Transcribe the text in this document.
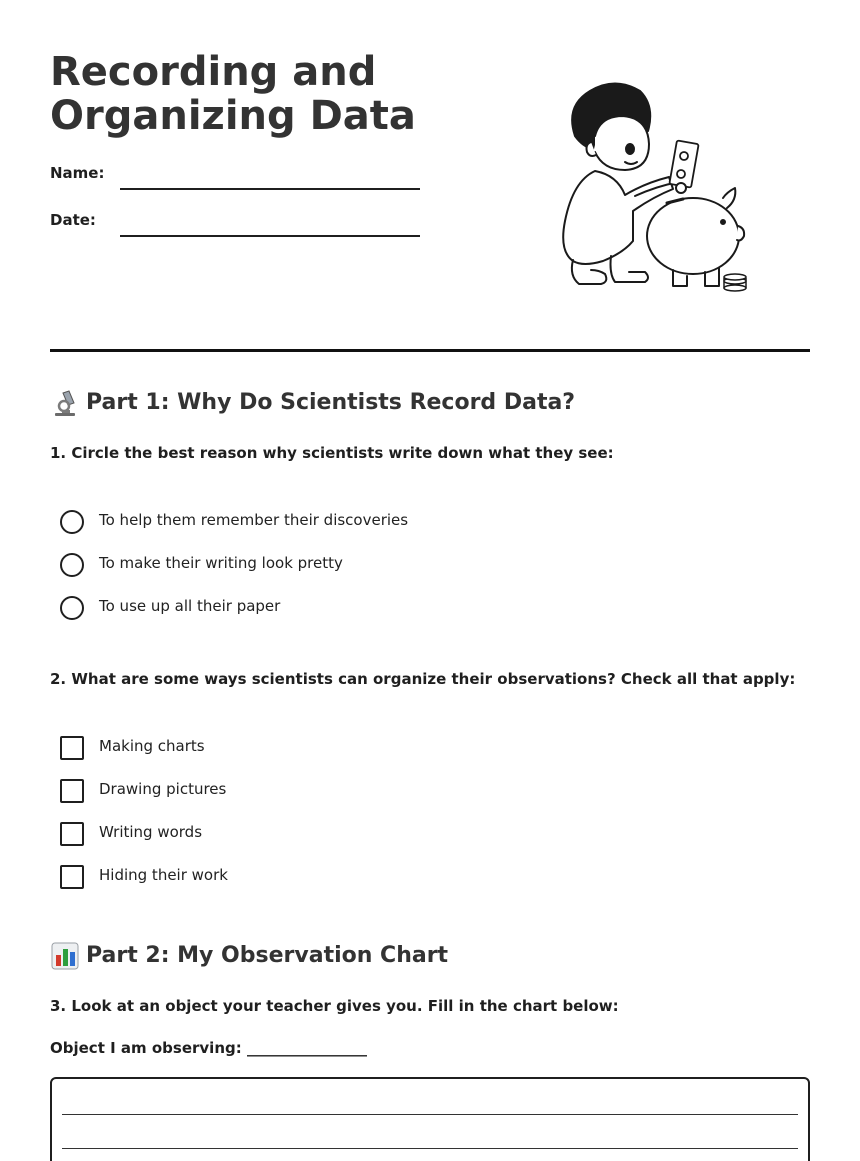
Recording and
Organizing Data
Name:
Date:
Part 1: Why Do Scientists Record Data?

1. Circle the best reason why scientists write down what they see:

To help them remember their discoveries
To make their writing look pretty
To use up all their paper

2. What are some ways scientists can organize their observations? Check all that apply:

Making charts
Drawing pictures
Writing words
Hiding their work
Part 2: My Observation Chart

3. Look at an object your teacher gives you. Fill in the chart below:

Object I am observing: ________________
